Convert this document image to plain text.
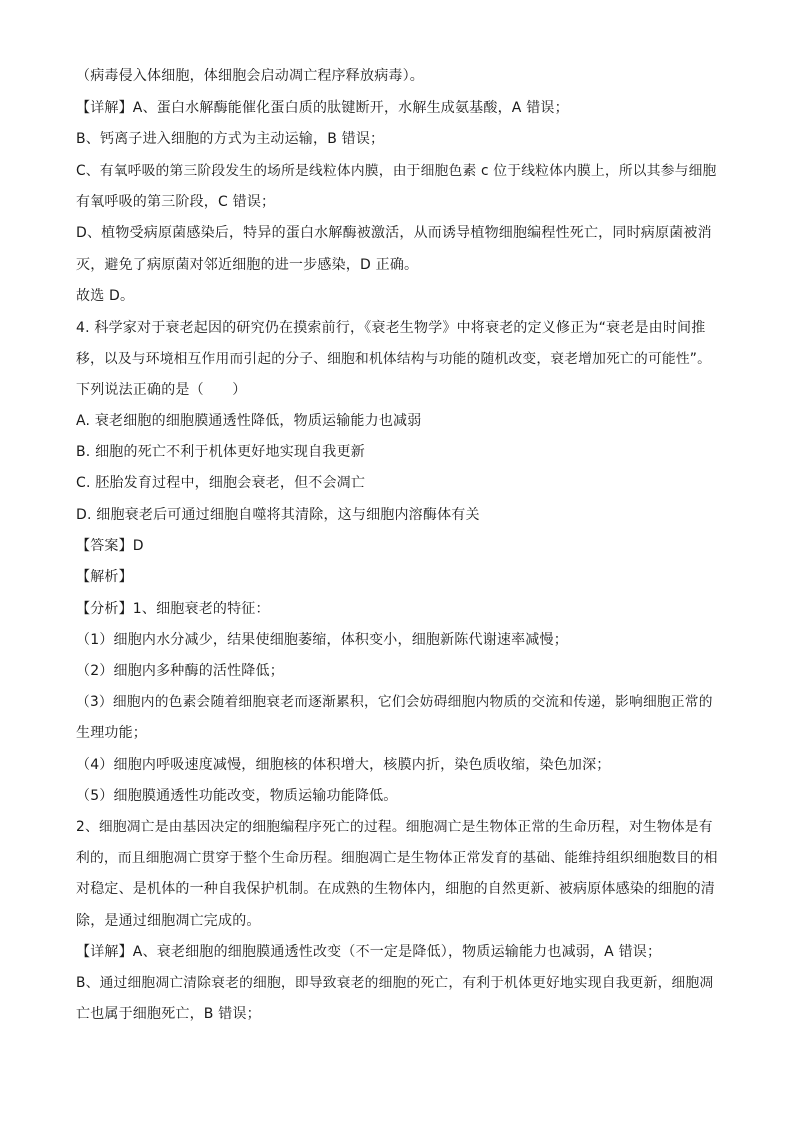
（病毒侵入体细胞，体细胞会启动凋亡程序释放病毒）。
【详解】A、蛋白水解酶能催化蛋白质的肽键断开，水解生成氨基酸，A 错误；
B、钙离子进入细胞的方式为主动运输，B 错误；
C、有氧呼吸的第三阶段发生的场所是线粒体内膜，由于细胞色素 c 位于线粒体内膜上，所以其参与细胞
有氧呼吸的第三阶段，C 错误；
D、植物受病原菌感染后，特异的蛋白水解酶被激活，从而诱导植物细胞编程性死亡，同时病原菌被消
灭，避免了病原菌对邻近细胞的进一步感染，D 正确。
故选 D。
4. 科学家对于衰老起因的研究仍在摸索前行，《衰老生物学》中将衰老的定义修正为“衰老是由时间推
移，以及与环境相互作用而引起的分子、细胞和机体结构与功能的随机改变，衰老增加死亡的可能性”。
下列说法正确的是（　　）
A. 衰老细胞的细胞膜通透性降低，物质运输能力也减弱
B. 细胞的死亡不利于机体更好地实现自我更新
C. 胚胎发育过程中，细胞会衰老，但不会凋亡
D. 细胞衰老后可通过细胞自噬将其清除，这与细胞内溶酶体有关
【答案】D
【解析】
【分析】1、细胞衰老的特征：
（1）细胞内水分减少，结果使细胞萎缩，体积变小，细胞新陈代谢速率减慢；
（2）细胞内多种酶的活性降低；
（3）细胞内的色素会随着细胞衰老而逐渐累积，它们会妨碍细胞内物质的交流和传递，影响细胞正常的
生理功能；
（4）细胞内呼吸速度减慢，细胞核的体积增大，核膜内折，染色质收缩，染色加深；
（5）细胞膜通透性功能改变，物质运输功能降低。
2、细胞凋亡是由基因决定的细胞编程序死亡的过程。细胞凋亡是生物体正常的生命历程，对生物体是有
利的，而且细胞凋亡贯穿于整个生命历程。细胞凋亡是生物体正常发育的基础、能维持组织细胞数目的相
对稳定、是机体的一种自我保护机制。在成熟的生物体内，细胞的自然更新、被病原体感染的细胞的清
除，是通过细胞凋亡完成的。
【详解】A、衰老细胞的细胞膜通透性改变（不一定是降低），物质运输能力也减弱，A 错误；
B、通过细胞凋亡清除衰老的细胞，即导致衰老的细胞的死亡，有利于机体更好地实现自我更新，细胞凋
亡也属于细胞死亡，B 错误；
